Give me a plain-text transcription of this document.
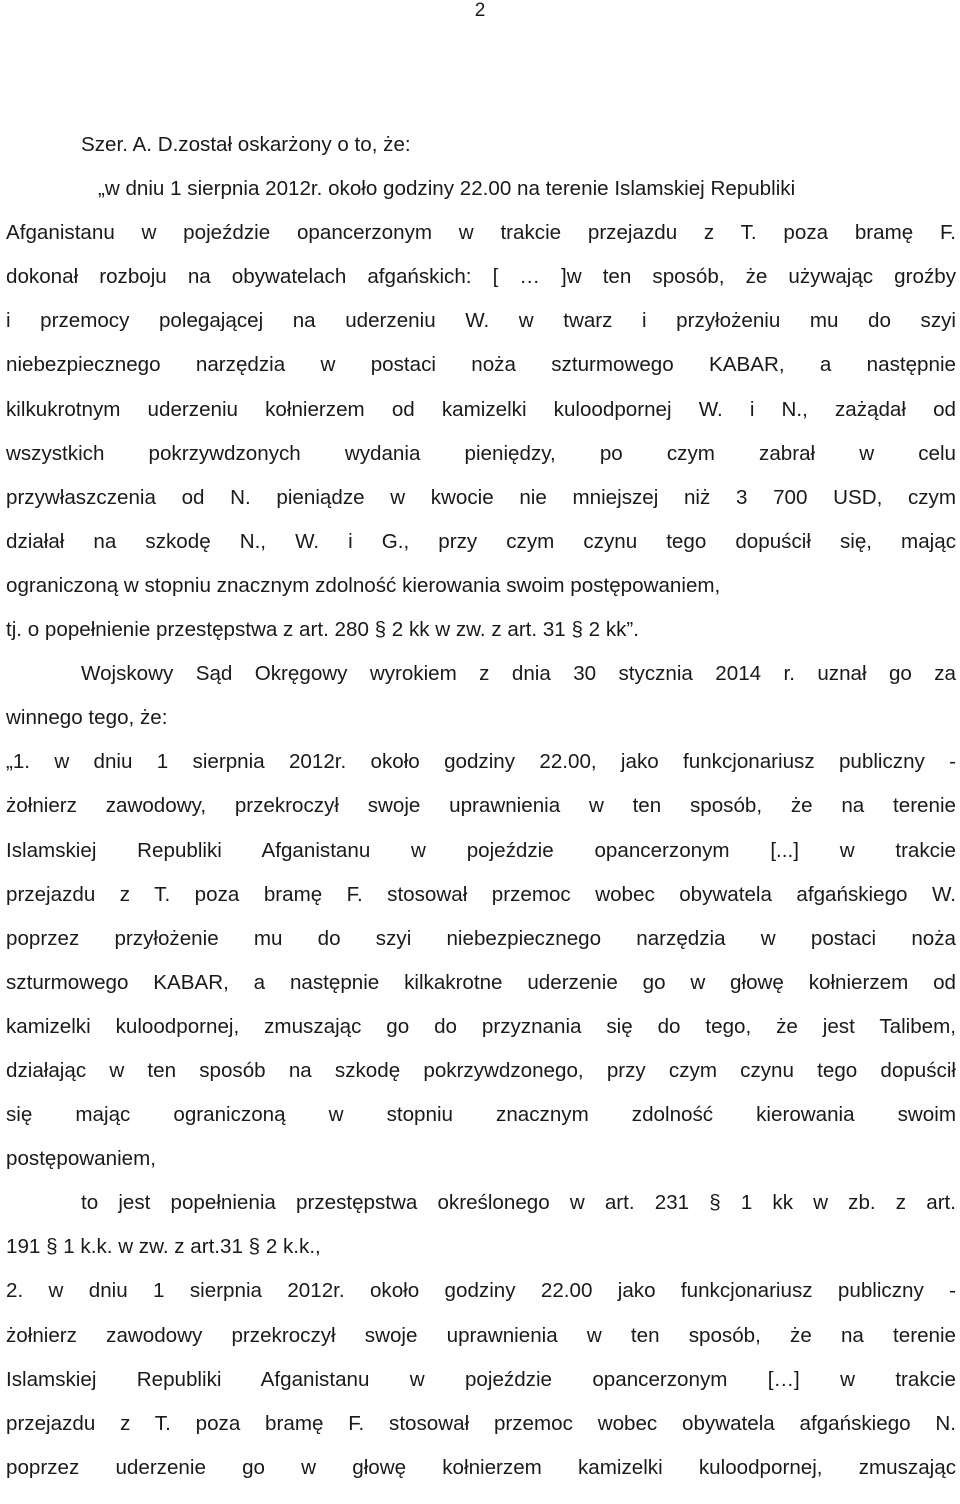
2
Szer. A. D.został oskarżony o to, że:
„w dniu 1 sierpnia 2012r. około godziny 22.00 na terenie Islamskiej Republiki
Afganistanu w pojeździe opancerzonym w trakcie przejazdu z T. poza bramę F.
dokonał rozboju na obywatelach afgańskich: [ … ]w ten sposób, że używając groźby
i przemocy polegającej na uderzeniu W. w twarz i przyłożeniu mu do szyi
niebezpiecznego narzędzia w postaci noża szturmowego KABAR, a następnie
kilkukrotnym uderzeniu kołnierzem od kamizelki kuloodpornej W. i N., zażądał od
wszystkich pokrzywdzonych wydania pieniędzy, po czym zabrał w celu
przywłaszczenia od N. pieniądze w kwocie nie mniejszej niż 3 700 USD, czym
działał na szkodę N., W. i G., przy czym czynu tego dopuścił się, mając
ograniczoną w stopniu znacznym zdolność kierowania swoim postępowaniem,
tj. o popełnienie przestępstwa z art. 280 § 2 kk w zw. z art. 31 § 2 kk”.
Wojskowy Sąd Okręgowy wyrokiem z dnia 30 stycznia 2014 r. uznał go za
winnego tego, że:
„1. w dniu 1 sierpnia 2012r. około godziny 22.00, jako funkcjonariusz publiczny -
żołnierz zawodowy, przekroczył swoje uprawnienia w ten sposób, że na terenie
Islamskiej Republiki Afganistanu w pojeździe opancerzonym [...] w trakcie
przejazdu z T. poza bramę F. stosował przemoc wobec obywatela afgańskiego W.
poprzez przyłożenie mu do szyi niebezpiecznego narzędzia w postaci noża
szturmowego KABAR, a następnie kilkakrotne uderzenie go w głowę kołnierzem od
kamizelki kuloodpornej, zmuszając go do przyznania się do tego, że jest Talibem,
działając w ten sposób na szkodę pokrzywdzonego, przy czym czynu tego dopuścił
się mając ograniczoną w stopniu znacznym zdolność kierowania swoim
postępowaniem,
to jest popełnienia przestępstwa określonego w art. 231 § 1 kk w zb. z art.
191 § 1 k.k. w zw. z art.31 § 2 k.k.,
2. w dniu 1 sierpnia 2012r. około godziny 22.00 jako funkcjonariusz publiczny -
żołnierz zawodowy przekroczył swoje uprawnienia w ten sposób, że na terenie
Islamskiej Republiki Afganistanu w pojeździe opancerzonym […] w trakcie
przejazdu z T. poza bramę F. stosował przemoc wobec obywatela afgańskiego N.
poprzez uderzenie go w głowę kołnierzem kamizelki kuloodpornej, zmuszając
